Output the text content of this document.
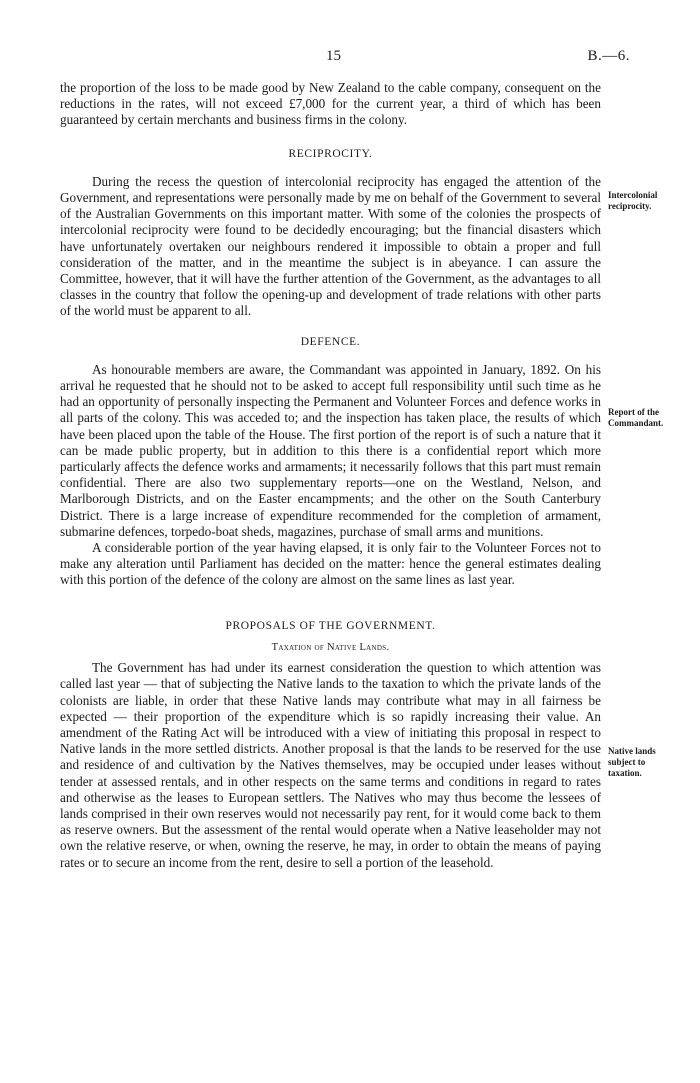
15	B.—6.

the proportion of the loss to be made good by New Zealand to the cable company, consequent on the reductions in the rates, will not exceed £7,000 for the current year, a third of which has been guaranteed by certain merchants and business firms in the colony.

RECIPROCITY.

During the recess the question of intercolonial reciprocity has engaged the attention of the Government, and representations were personally made by me on behalf of the Government to several of the Australian Governments on this important matter. With some of the colonies the prospects of intercolonial reciprocity were found to be decidedly encouraging; but the financial disasters which have unfortunately overtaken our neighbours rendered it impossible to obtain a proper and full consideration of the matter, and in the meantime the subject is in abeyance. I can assure the Committee, however, that it will have the further attention of the Government, as the advantages to all classes in the country that follow the opening-up and development of trade relations with other parts of the world must be apparent to all.

DEFENCE.

As honourable members are aware, the Commandant was appointed in January, 1892. On his arrival he requested that he should not to be asked to accept full responsibility until such time as he had an opportunity of personally inspecting the Permanent and Volunteer Forces and defence works in all parts of the colony. This was acceded to; and the inspection has taken place, the results of which have been placed upon the table of the House. The first portion of the report is of such a nature that it can be made public property, but in addition to this there is a confidential report which more particularly affects the defence works and armaments; it necessarily follows that this part must remain confidential. There are also two supplementary reports—one on the Westland, Nelson, and Marlborough Districts, and on the Easter encampments; and the other on the South Canterbury District. There is a large increase of expenditure recommended for the completion of armament, submarine defences, torpedo-boat sheds, magazines, purchase of small arms and munitions.

A considerable portion of the year having elapsed, it is only fair to the Volunteer Forces not to make any alteration until Parliament has decided on the matter: hence the general estimates dealing with this portion of the defence of the colony are almost on the same lines as last year.

PROPOSALS OF THE GOVERNMENT.

Taxation of Native Lands.

The Government has had under its earnest consideration the question to which attention was called last year — that of subjecting the Native lands to the taxation to which the private lands of the colonists are liable, in order that these Native lands may contribute what may in all fairness be expected — their proportion of the expenditure which is so rapidly increasing their value. An amendment of the Rating Act will be introduced with a view of initiating this proposal in respect to Native lands in the more settled districts. Another proposal is that the lands to be reserved for the use and residence of and cultivation by the Natives themselves, may be occupied under leases without tender at assessed rentals, and in other respects on the same terms and conditions in regard to rates and otherwise as the leases to European settlers. The Natives who may thus become the lessees of lands comprised in their own reserves would not necessarily pay rent, for it would come back to them as reserve owners. But the assessment of the rental would operate when a Native leaseholder may not own the relative reserve, or when, owning the reserve, he may, in order to obtain the means of paying rates or to secure an income from the rent, desire to sell a portion of the leasehold.

Intercolonial reciprocity.
Report of the Commandant.
Native lands subject to taxation.
